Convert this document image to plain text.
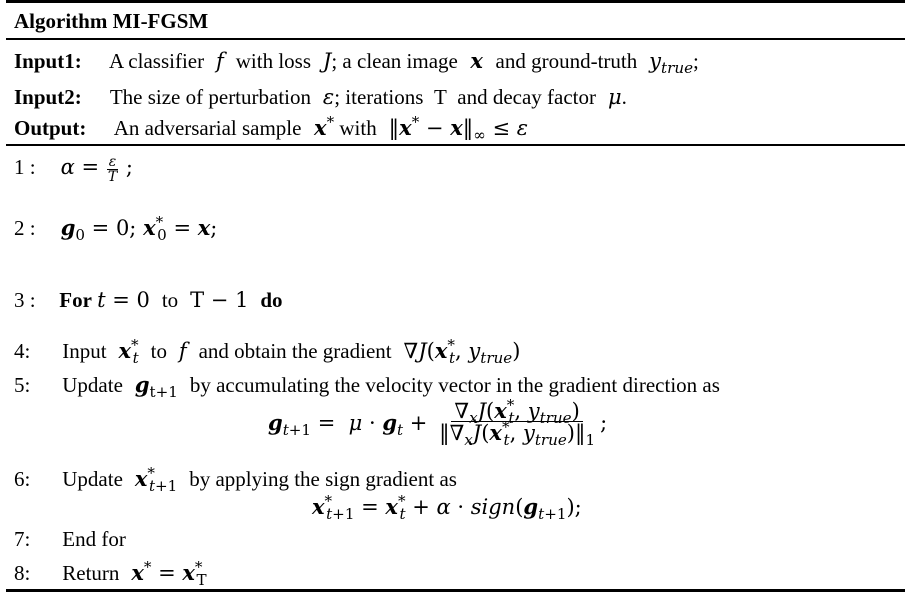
Algorithm MI-FGSM
Input1: A classifier  f  with loss  J; a clean image  x  and ground-truth  $y_{true}$;
Input2: The size of perturbation  ε; iterations  T  and decay factor  μ.
Output: An adversarial sample  x* with  ‖x* − $x‖_\infty \le \varepsilon$
1 : $\alpha = \frac{\varepsilon}{T}$ ;
2 : $g_0 = 0$; $x^*_0 = x$;
3 : For t = 0  to  T − 1  do
4: Input $x^*_t$ to  f  and obtain the gradient  $\nabla J(x^*_t$, $y_{true}$)
5: Update $g_{t+1}$ by accumulating the velocity vector in the gradient direction as
$g_{t+1} = \mu \cdot g_t + \frac{\nabla_xJ(x^*_t, y_{true})}{‖\nabla_xJ(x^*_t, y_{true})‖_1}$ ;
6: Update $x^*_{t+1}$ by applying the sign gradient as
$x^*_{t+1} = x^*_t + \alpha$ · $sign(g_{t+1})$;
7: End for
8: Return $x^* = x^*_T$
